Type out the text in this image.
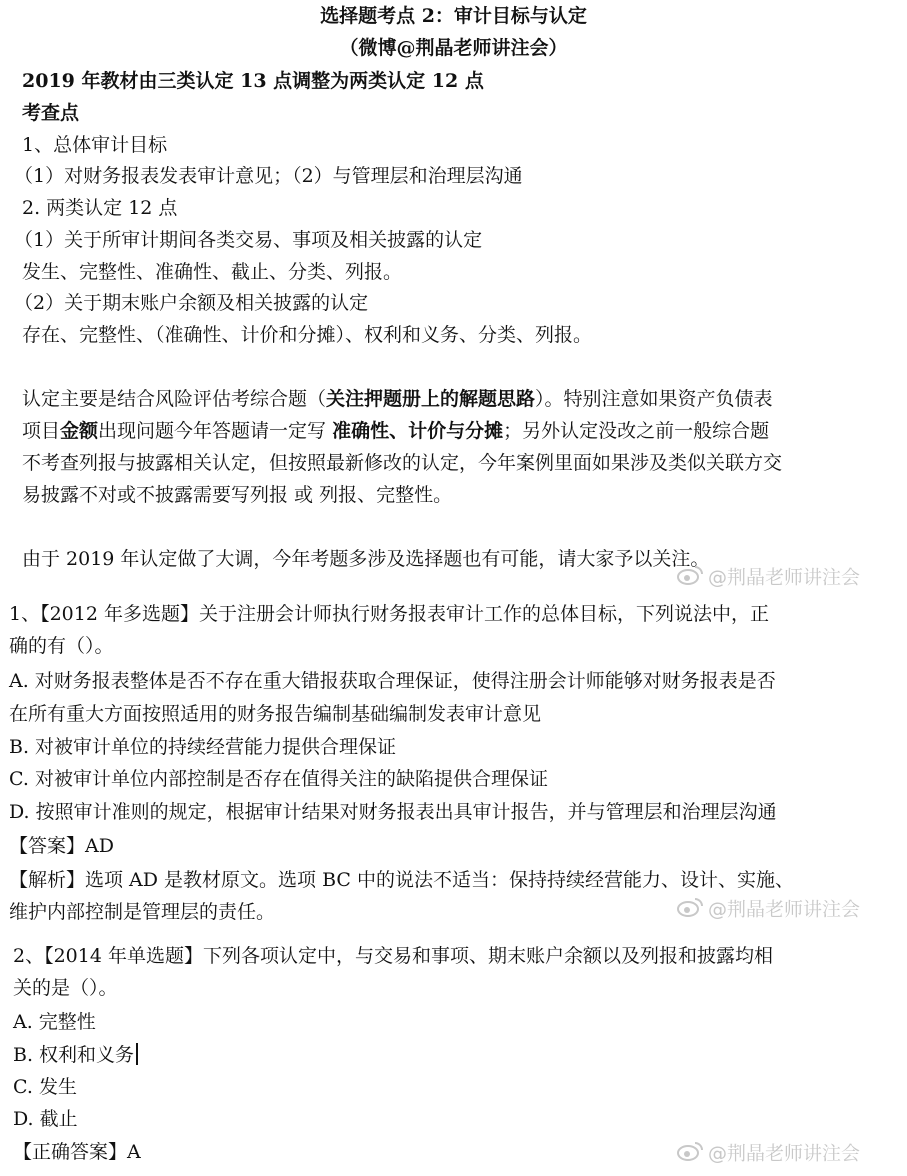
选择题考点 2：审计目标与认定
（微博@荆晶老师讲注会）
2019 年教材由三类认定 13 点调整为两类认定 12 点
考查点
1、总体审计目标
（1）对财务报表发表审计意见；（2）与管理层和治理层沟通
2. 两类认定 12 点
（1）关于所审计期间各类交易、事项及相关披露的认定
发生、完整性、准确性、截止、分类、列报。
（2）关于期末账户余额及相关披露的认定
存在、完整性、（准确性、计价和分摊）、权利和义务、分类、列报。
认定主要是结合风险评估考综合题（关注押题册上的解题思路）。特别注意如果资产负债表
项目金额出现问题今年答题请一定写 准确性、计价与分摊；另外认定没改之前一般综合题
不考查列报与披露相关认定，但按照最新修改的认定，今年案例里面如果涉及类似关联方交
易披露不对或不披露需要写列报 或 列报、完整性。
由于 2019 年认定做了大调，今年考题多涉及选择题也有可能，请大家予以关注。
@荆晶老师讲注会
1、【2012 年多选题】关于注册会计师执行财务报表审计工作的总体目标，下列说法中，正
确的有（）。
A. 对财务报表整体是否不存在重大错报获取合理保证，使得注册会计师能够对财务报表是否
在所有重大方面按照适用的财务报告编制基础编制发表审计意见
B. 对被审计单位的持续经营能力提供合理保证
C. 对被审计单位内部控制是否存在值得关注的缺陷提供合理保证
D. 按照审计准则的规定，根据审计结果对财务报表出具审计报告，并与管理层和治理层沟通
【答案】AD
【解析】选项 AD 是教材原文。选项 BC 中的说法不适当：保持持续经营能力、设计、实施、
维护内部控制是管理层的责任。	@荆晶老师讲注会
2、【2014 年单选题】下列各项认定中，与交易和事项、期末账户余额以及列报和披露均相
关的是（）。
A. 完整性
B. 权利和义务
C. 发生
D. 截止
【正确答案】A	@荆晶老师讲注会
